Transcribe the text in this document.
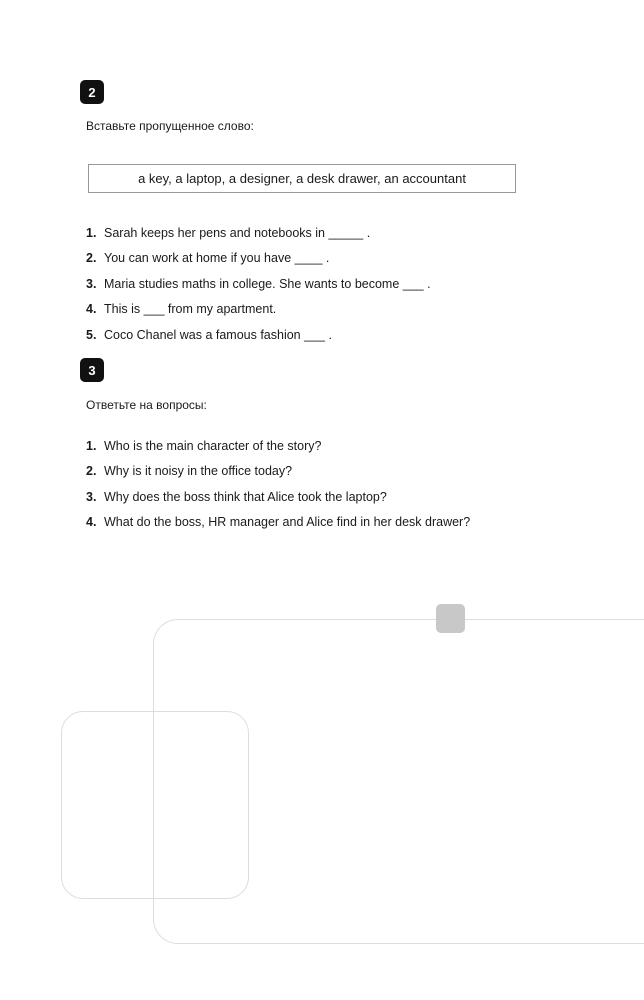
2
Вставьте пропущенное слово:
a key, a laptop, a designer, a desk drawer, an accountant
1. Sarah keeps her pens and notebooks in _____ .
2. You can work at home if you have ____ .
3. Maria studies maths in college. She wants to become ___ .
4. This is ___ from my apartment.
5. Coco Chanel was a famous fashion ___ .
3
Ответьте на вопросы:
1. Who is the main character of the story?
2. Why is it noisy in the office today?
3. Why does the boss think that Alice took the laptop?
4. What do the boss, HR manager and Alice find in her desk drawer?
